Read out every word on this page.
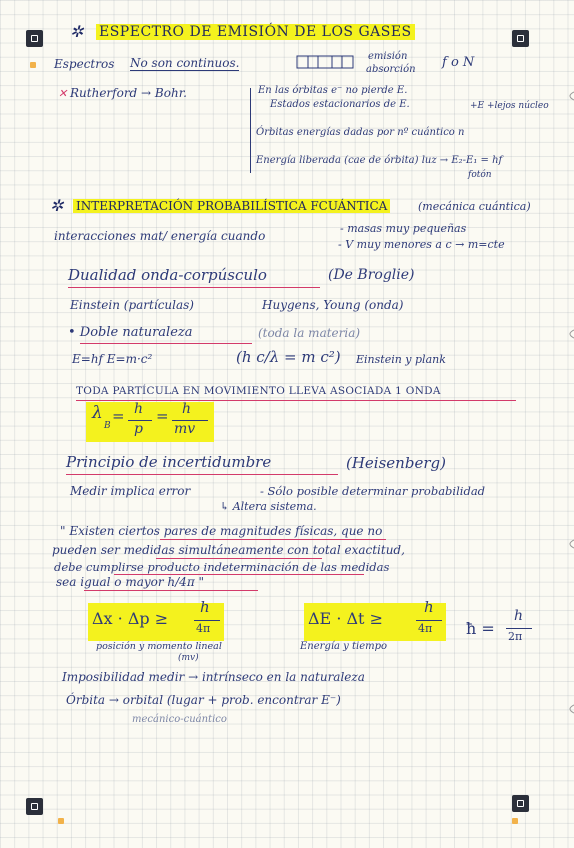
✲ ESPECTRO DE EMISIÓN DE LOS GASES
Espectros No son continuos.	emisión
absorción f o N
✕ Rutherford → Bohr.	En las órbitas e⁻ no pierde E.
Estados estacionarios de E.	+E +lejos núcleo
Órbitas energías dadas por nº cuántico n
Energía liberada (cae de órbita) luz → E₂-E₁ = hf
fotón
✲ INTERPRETACIÓN PROBABILÍSTICA FCUÁNTICA	(mecánica cuántica)
interacciones mat/ energía cuando
- masas muy pequeñas
- V muy menores a c → m=cte
Dualidad onda-corpúsculo	(De Broglie)
Einstein (partículas)	Huygens, Young (onda)
• Doble naturaleza	(toda la materia)
E=hf E=m·c²	(h c/λ = m c²) Einstein y plank
TODA PARTÍCULA EN MOVIMIENTO LLEVA ASOCIADA 1 ONDA
λ
B
= h
p
= h
mv
Principio de incertidumbre	(Heisenberg)
Medir implica error	- Sólo posible determinar probabilidad
↳ Altera sistema.
" Existen ciertos pares de magnitudes físicas, que no
pueden ser medidas simultáneamente con total exactitud,
debe cumplirse producto indeterminación de las medidas
sea igual o mayor h/4π "
Δx · Δp ≥
h
4π
ΔE · Δt ≥
h
4π ħ =
h
2π
posición y momento lineal
(mv)
Energía y tiempo
Imposibilidad medir → intrínseco en la naturaleza
Órbita → orbital (lugar + prob. encontrar E⁻)
mecánico-cuántico
